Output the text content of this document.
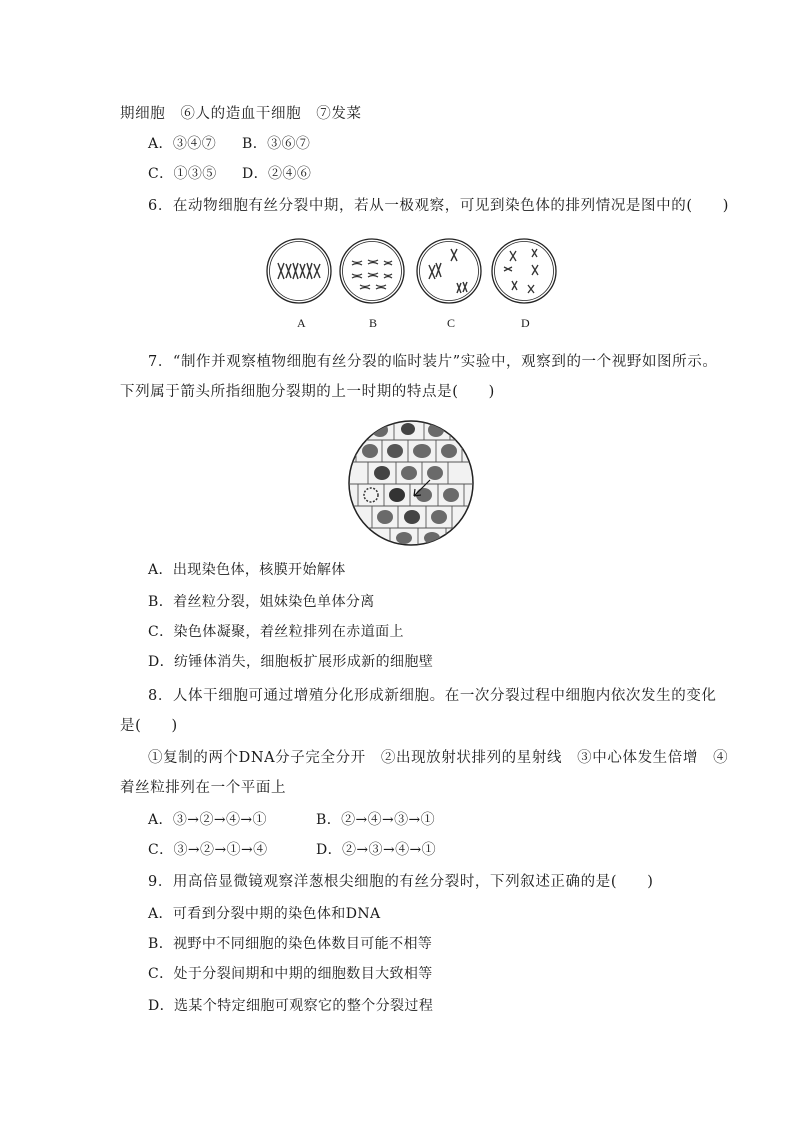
期细胞　⑥人的造血干细胞　⑦发菜
A．③④⑦ B．③⑥⑦
C．①③⑤ D．②④⑥
6．在动物细胞有丝分裂中期，若从一极观察，可见到染色体的排列情况是图中的(　　)
A	B	C	D
7．“制作并观察植物细胞有丝分裂的临时装片”实验中，观察到的一个视野如图所示。
下列属于箭头所指细胞分裂期的上一时期的特点是(　　)
A．出现染色体，核膜开始解体
B．着丝粒分裂，姐妹染色单体分离
C．染色体凝聚，着丝粒排列在赤道面上
D．纺锤体消失，细胞板扩展形成新的细胞壁
8．人体干细胞可通过增殖分化形成新细胞。在一次分裂过程中细胞内依次发生的变化
是(　　)
①复制的两个DNA分子完全分开　②出现放射状排列的星射线　③中心体发生倍增　④
着丝粒排列在一个平面上
A．③→②→④→①	B．②→④→③→①
C．③→②→①→④	D．②→③→④→①
9．用高倍显微镜观察洋葱根尖细胞的有丝分裂时，下列叙述正确的是(　　)
A．可看到分裂中期的染色体和DNA
B．视野中不同细胞的染色体数目可能不相等
C．处于分裂间期和中期的细胞数目大致相等
D．选某个特定细胞可观察它的整个分裂过程
